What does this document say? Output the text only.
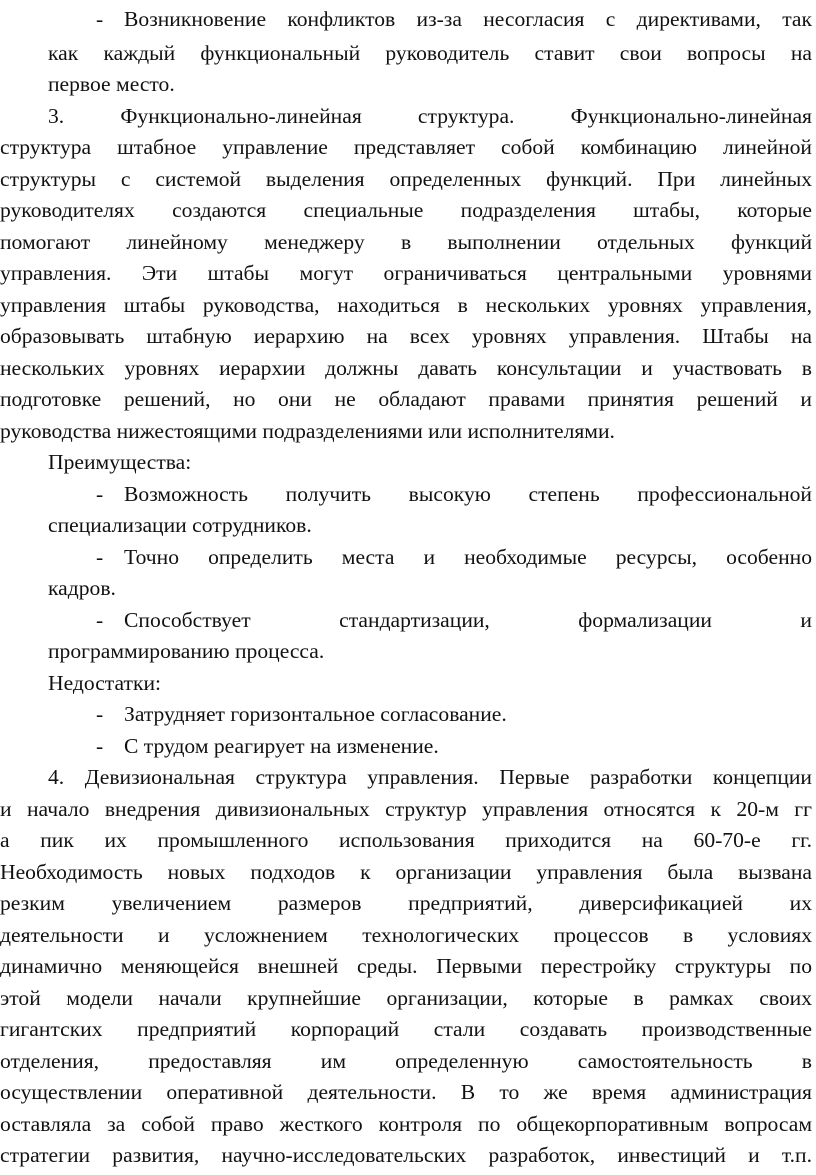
- Возникновение конфликтов из-за несогласия с директивами, так
как каждый функциональный руководитель ставит свои вопросы на
первое место.
3. Функционально-линейная структура. Функционально-линейная
структура штабное управление представляет собой комбинацию линейной
структуры с системой выделения определенных функций. При линейных
руководителях создаются специальные подразделения штабы, которые
помогают линейному менеджеру в выполнении отдельных функций
управления. Эти штабы могут ограничиваться центральными уровнями
управления штабы руководства, находиться в нескольких уровнях управления,
образовывать штабную иерархию на всех уровнях управления. Штабы на
нескольких уровнях иерархии должны давать консультации и участвовать в
подготовке решений, но они не обладают правами принятия решений и
руководства нижестоящими подразделениями или исполнителями.
Преимущества:
- Возможность получить высокую степень профессиональной
специализации сотрудников.
- Точно определить места и необходимые ресурсы, особенно
кадров.
- Способствует стандартизации, формализации и
программированию процесса.
Недостатки:
- Затрудняет горизонтальное согласование.
- С трудом реагирует на изменение.
4. Девизиональная структура управления. Первые разработки концепции
и начало внедрения дивизиональных структур управления относятся к 20-м гг
а пик их промышленного использования приходится на 60-70-е гг.
Необходимость новых подходов к организации управления была вызвана
резким увеличением размеров предприятий, диверсификацией их
деятельности и усложнением технологических процессов в условиях
динамично меняющейся внешней среды. Первыми перестройку структуры по
этой модели начали крупнейшие организации, которые в рамках своих
гигантских предприятий корпораций стали создавать производственные
отделения, предоставляя им определенную самостоятельность в
осуществлении оперативной деятельности. В то же время администрация
оставляла за собой право жесткого контроля по общекорпоративным вопросам
стратегии развития, научно-исследовательских разработок, инвестиций и т.п.
